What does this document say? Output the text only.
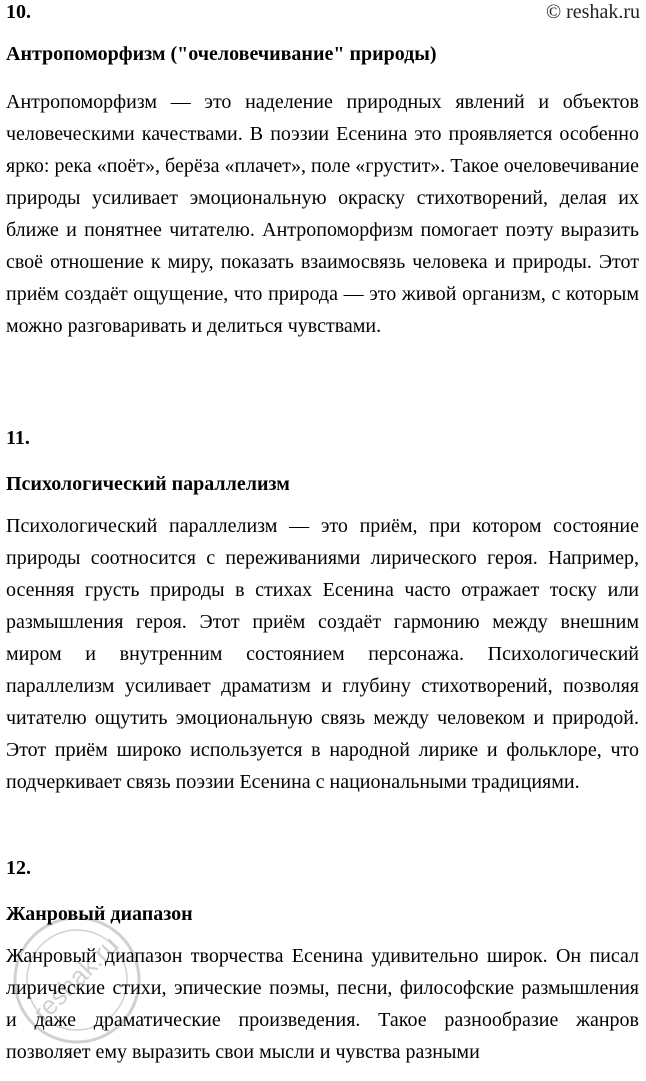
© reshak.ru
10.
Антропоморфизм ("очеловечивание" природы)
Антропоморфизм — это наделение природных явлений и объектов человеческими качествами. В поэзии Есенина это проявляется особенно ярко: река «поёт», берёза «плачет», поле «грустит». Такое очеловечивание природы усиливает эмоциональную окраску стихотворений, делая их ближе и понятнее читателю. Антропоморфизм помогает поэту выразить своё отношение к миру, показать взаимосвязь человека и природы. Этот приём создаёт ощущение, что природа — это живой организм, с которым можно разговаривать и делиться чувствами.
11.
Психологический параллелизм
Психологический параллелизм — это приём, при котором состояние природы соотносится с переживаниями лирического героя. Например, осенняя грусть природы в стихах Есенина часто отражает тоску или размышления героя. Этот приём создаёт гармонию между внешним миром и внутренним состоянием персонажа. Психологический параллелизм усиливает драматизм и глубину стихотворений, позволяя читателю ощутить эмоциональную связь между человеком и природой. Этот приём широко используется в народной лирике и фольклоре, что подчеркивает связь поэзии Есенина с национальными традициями.
12.
Жанровый диапазон
Жанровый диапазон творчества Есенина удивительно широк. Он писал лирические стихи, эпические поэмы, песни, философские размышления и даже драматические произведения. Такое разнообразие жанров позволяет ему выразить свои мысли и чувства разными
reshak.ru
